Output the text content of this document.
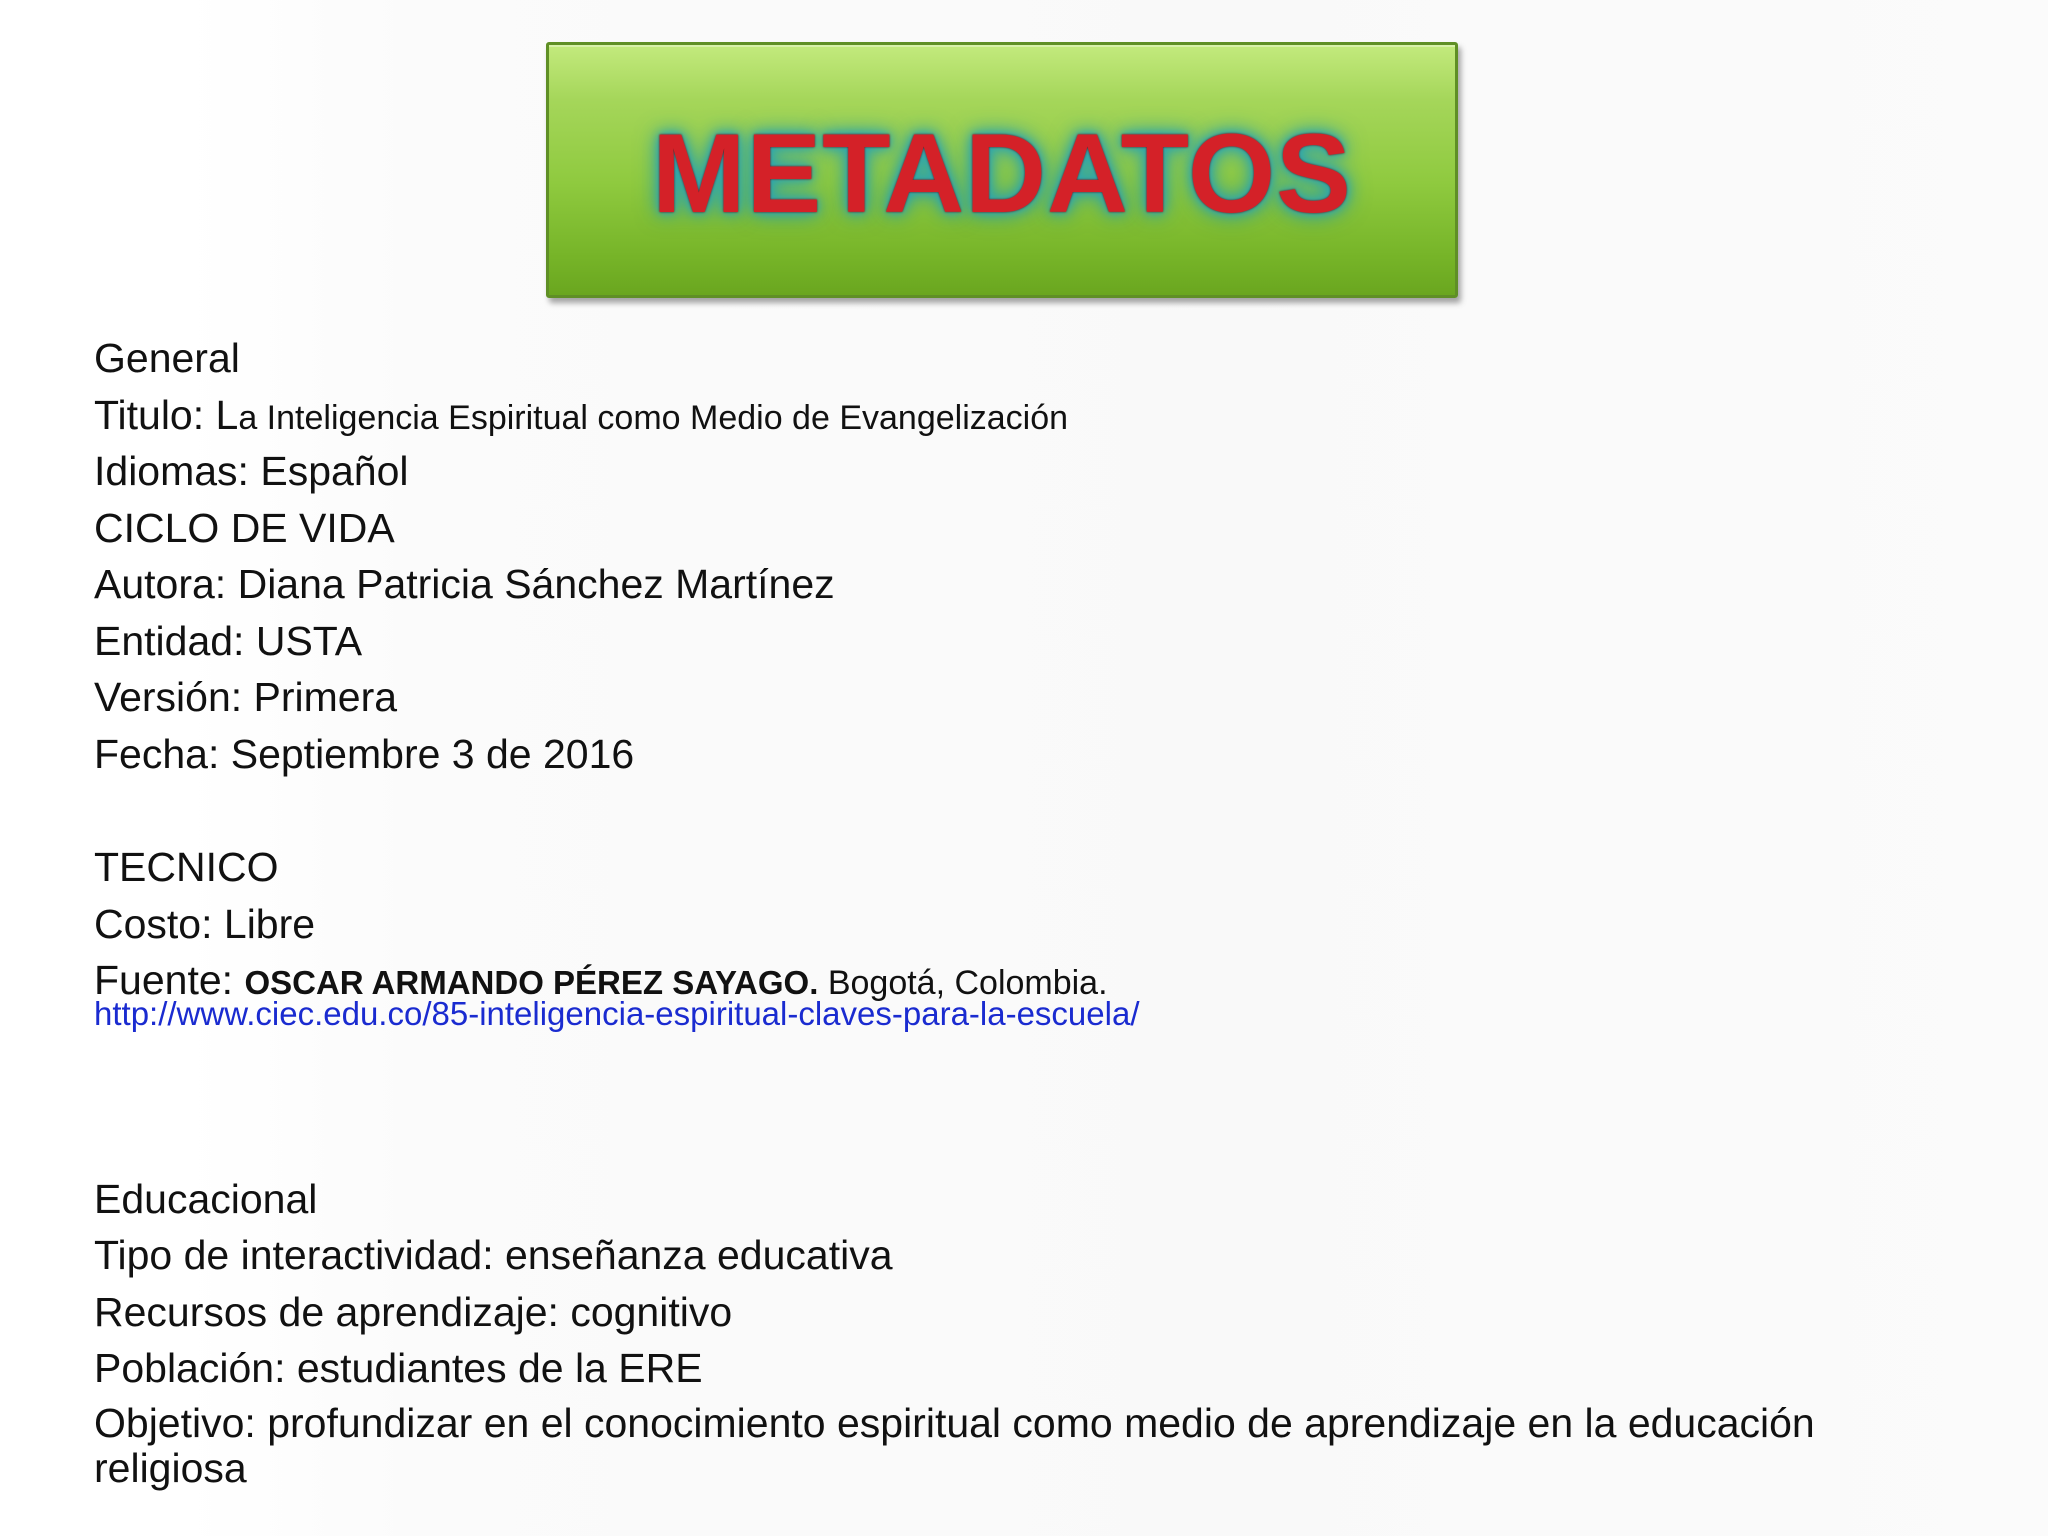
METADATOS
General
Titulo: La Inteligencia Espiritual como Medio de Evangelización
Idiomas: Español
CICLO DE VIDA
Autora: Diana Patricia Sánchez Martínez
Entidad: USTA
Versión: Primera
Fecha: Septiembre 3 de 2016
TECNICO
Costo: Libre
Fuente: OSCAR ARMANDO PÉREZ SAYAGO. Bogotá, Colombia.
http://www.ciec.edu.co/85-inteligencia-espiritual-claves-para-la-escuela/
Educacional
Tipo de interactividad: enseñanza educativa
Recursos de aprendizaje: cognitivo
Población: estudiantes de la ERE
Objetivo: profundizar en el conocimiento espiritual como medio de aprendizaje en la educación religiosa
